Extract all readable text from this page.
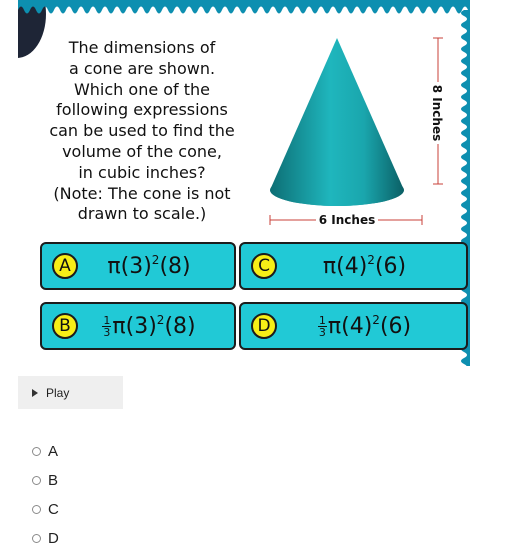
The dimensions of
a cone are shown.
Which one of the
following expressions
can be used to find the
volume of the cone,
in cubic inches?
(Note: The cone is not
drawn to scale.)

8 Inches
6 Inches
A	$\pi(3)^2(8)$	C	$\pi(4)^2(6)$
B	$\frac{1}{3} \pi(3)^2(8)$	D	$\frac{1}{3} \pi(4)^2(6)$
Play
A
B
C
D
